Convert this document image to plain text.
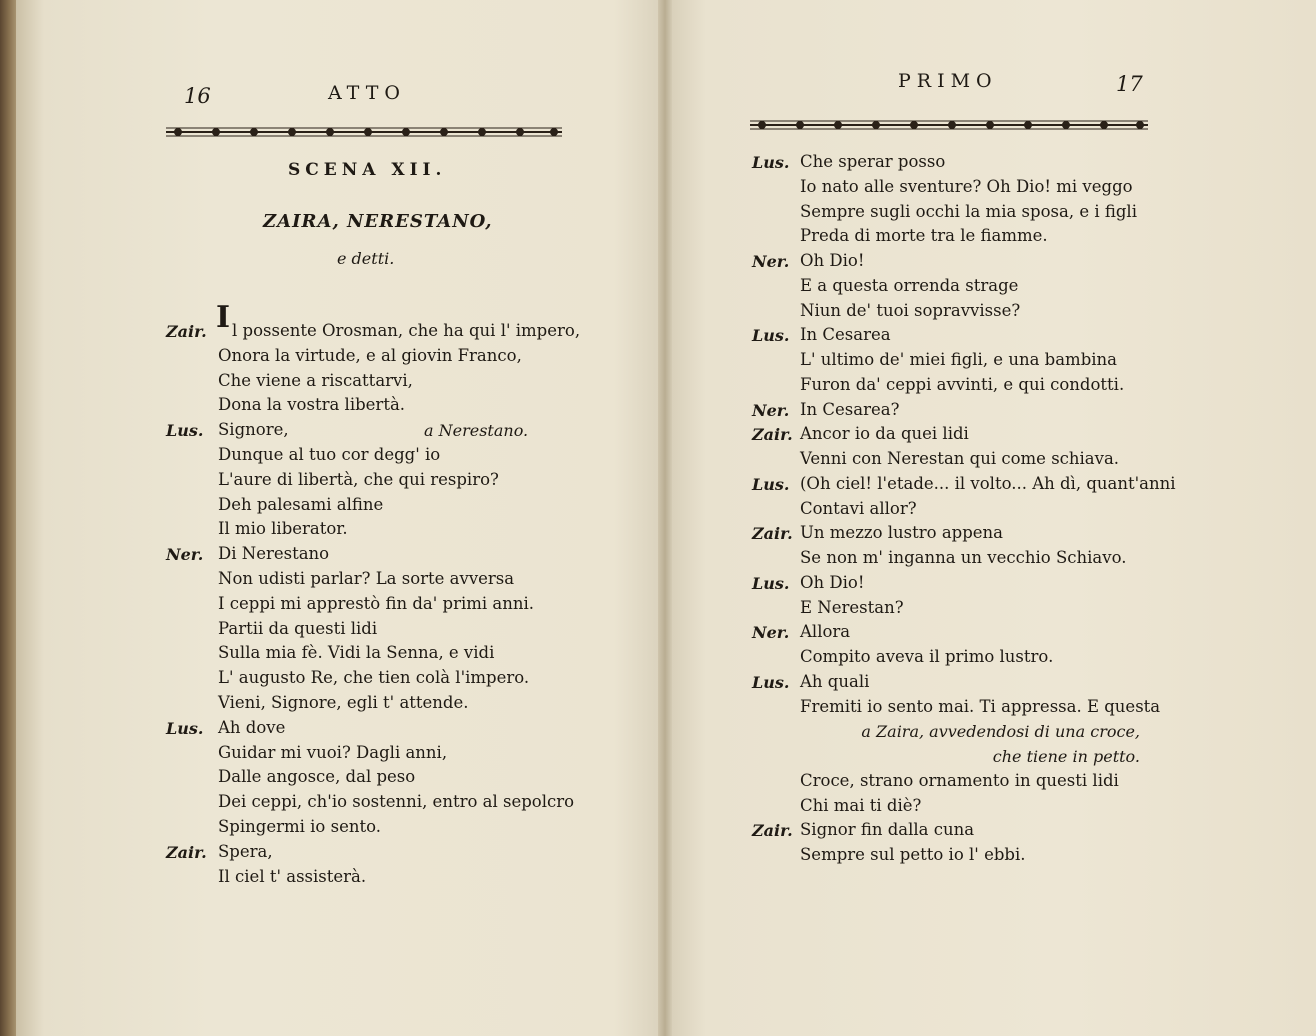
16	ATTO
SCENA XII.
ZAIRA, NERESTANO,
e detti.
I l possente Orosman, che ha qui l' impero,
Zair.
Onora la virtude, e al giovin Franco,
Che viene a riscattarvi,
Dona la vostra libertà.
Lus. Signore,	a Nerestano.
Dunque al tuo cor degg' io
L'aure di libertà, che qui respiro?
Deh palesami alfine
Il mio liberator.
Ner. Di Nerestano
Non udisti parlar? La sorte avversa
I ceppi mi apprestò fin da' primi anni.
Partii da questi lidi
Sulla mia fè. Vidi la Senna, e vidi
L' augusto Re, che tien colà l'impero.
Vieni, Signore, egli t' attende.
Lus. Ah dove
Guidar mi vuoi? Dagli anni,
Dalle angosce, dal peso
Dei ceppi, ch'io sostenni, entro al sepolcro
Spingermi io sento.
Zair. Spera,
Il ciel t' assisterà.
PRIMO	17
Lus. Che sperar posso
Io nato alle sventure? Oh Dio! mi veggo
Sempre sugli occhi la mia sposa, e i figli
Preda di morte tra le fiamme.
Ner. Oh Dio!
E a questa orrenda strage
Niun de' tuoi sopravvisse?
Lus. In Cesarea
L' ultimo de' miei figli, e una bambina
Furon da' ceppi avvinti, e qui condotti.
Ner. In Cesarea?
Zair. Ancor io da quei lidi
Venni con Nerestan qui come schiava.
Lus. (Oh ciel! l'etade... il volto... Ah dì, quant'anni
Contavi allor?
Zair. Un mezzo lustro appena
Se non m' inganna un vecchio Schiavo.
Lus. Oh Dio!
E Nerestan?
Ner. Allora
Compito aveva il primo lustro.
Lus. Ah quali
Fremiti io sento mai. Ti appressa. E questa
a Zaira, avvedendosi di una croce,
che tiene in petto.
Croce, strano ornamento in questi lidi
Chi mai ti diè?
Zair. Signor fin dalla cuna
Sempre sul petto io l' ebbi.
